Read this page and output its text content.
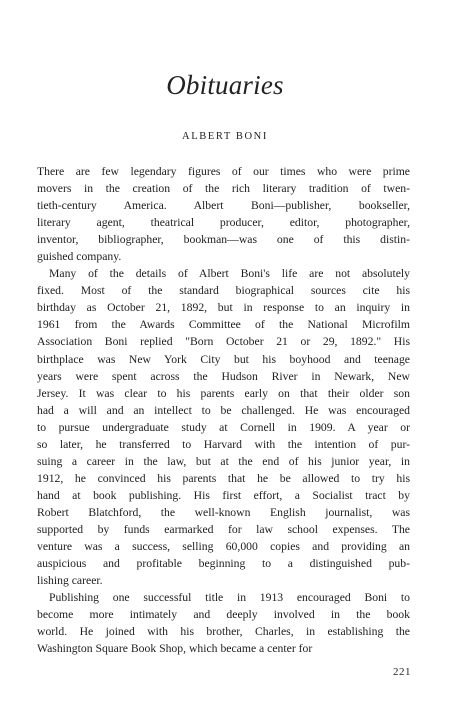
Obituaries
ALBERT BONI

There are few legendary figures of our times who were prime
movers in the creation of the rich literary tradition of twen-
tieth-century America. Albert Boni—publisher, bookseller,
literary agent, theatrical producer, editor, photographer,
inventor, bibliographer, bookman—was one of this distin-
guished company.

Many of the details of Albert Boni's life are not absolutely
fixed. Most of the standard biographical sources cite his
birthday as October 21, 1892, but in response to an inquiry in
1961 from the Awards Committee of the National Microfilm
Association Boni replied "Born October 21 or 29, 1892." His
birthplace was New York City but his boyhood and teenage
years were spent across the Hudson River in Newark, New
Jersey. It was clear to his parents early on that their older son
had a will and an intellect to be challenged. He was encouraged
to pursue undergraduate study at Cornell in 1909. A year or
so later, he transferred to Harvard with the intention of pur-
suing a career in the law, but at the end of his junior year, in
1912, he convinced his parents that he be allowed to try his
hand at book publishing. His first effort, a Socialist tract by
Robert Blatchford, the well-known English journalist, was
supported by funds earmarked for law school expenses. The
venture was a success, selling 60,000 copies and providing an
auspicious and profitable beginning to a distinguished pub-
lishing career.

Publishing one successful title in 1913 encouraged Boni to
become more intimately and deeply involved in the book
world. He joined with his brother, Charles, in establishing the
Washington Square Book Shop, which became a center for

221
